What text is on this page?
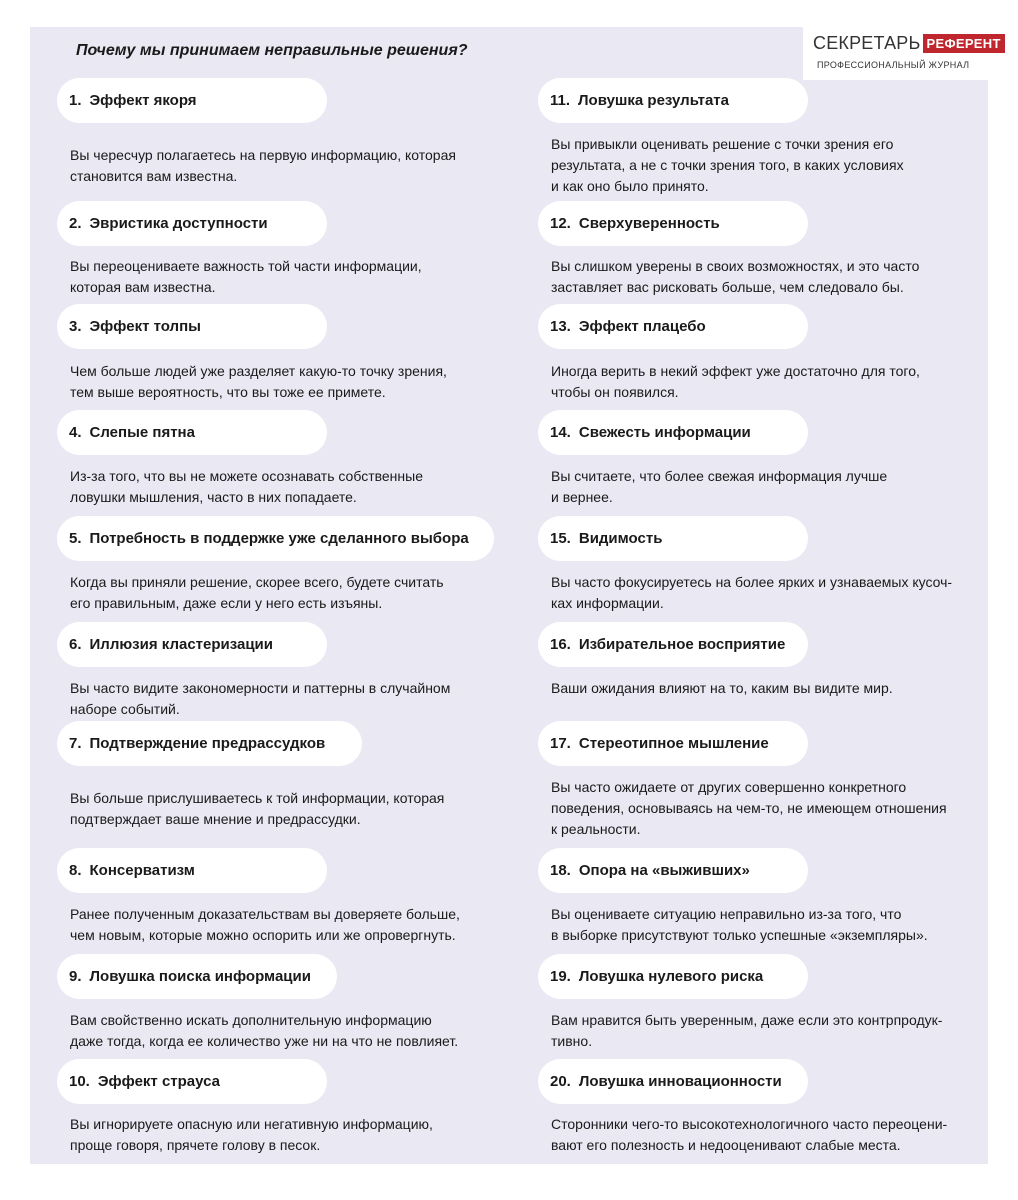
Почему мы принимаем неправильные решения?	СЕКРЕТАРЬ РЕФЕРЕНТ
ПРОФЕССИОНАЛЬНЫЙ ЖУРНАЛ
1. Эффект якоря
Вы чересчур полагаетесь на первую информацию, которая
становится вам известна.
2. Эвристика доступности
Вы переоцениваете важность той части информации,
которая вам известна.
3. Эффект толпы
Чем больше людей уже разделяет какую-то точку зрения,
тем выше вероятность, что вы тоже ее примете.
4. Слепые пятна
Из-за того, что вы не можете осознавать собственные
ловушки мышления, часто в них попадаете.
5. Потребность в поддержке уже сделанного выбора
Когда вы приняли решение, скорее всего, будете считать
его правильным, даже если у него есть изъяны.
6. Иллюзия кластеризации
Вы часто видите закономерности и паттерны в случайном
наборе событий.
7. Подтверждение предрассудков
Вы больше прислушиваетесь к той информации, которая
подтверждает ваше мнение и предрассудки.
8. Консерватизм
Ранее полученным доказательствам вы доверяете больше,
чем новым, которые можно оспорить или же опровергнуть.
9. Ловушка поиска информации
Вам свойственно искать дополнительную информацию
даже тогда, когда ее количество уже ни на что не повлияет.
10. Эффект страуса
Вы игнорируете опасную или негативную информацию,
проще говоря, прячете голову в песок.
11. Ловушка результата
Вы привыкли оценивать решение с точки зрения его
результата, а не с точки зрения того, в каких условиях
и как оно было принято.
12. Сверхуверенность
Вы слишком уверены в своих возможностях, и это часто
заставляет вас рисковать больше, чем следовало бы.
13. Эффект плацебо
Иногда верить в некий эффект уже достаточно для того,
чтобы он появился.
14. Свежесть информации
Вы считаете, что более свежая информация лучше
и вернее.
15. Видимость
Вы часто фокусируетесь на более ярких и узнаваемых кусоч-
ках информации.
16. Избирательное восприятие
Ваши ожидания влияют на то, каким вы видите мир.
17. Стереотипное мышление
Вы часто ожидаете от других совершенно конкретного
поведения, основываясь на чем-то, не имеющем отношения
к реальности.
18. Опора на «выживших»
Вы оцениваете ситуацию неправильно из-за того, что
в выборке присутствуют только успешные «экземпляры».
19. Ловушка нулевого риска
Вам нравится быть уверенным, даже если это контрпродук-
тивно.
20. Ловушка инновационности
Сторонники чего-то высокотехнологичного часто переоцени-
вают его полезность и недооценивают слабые места.
